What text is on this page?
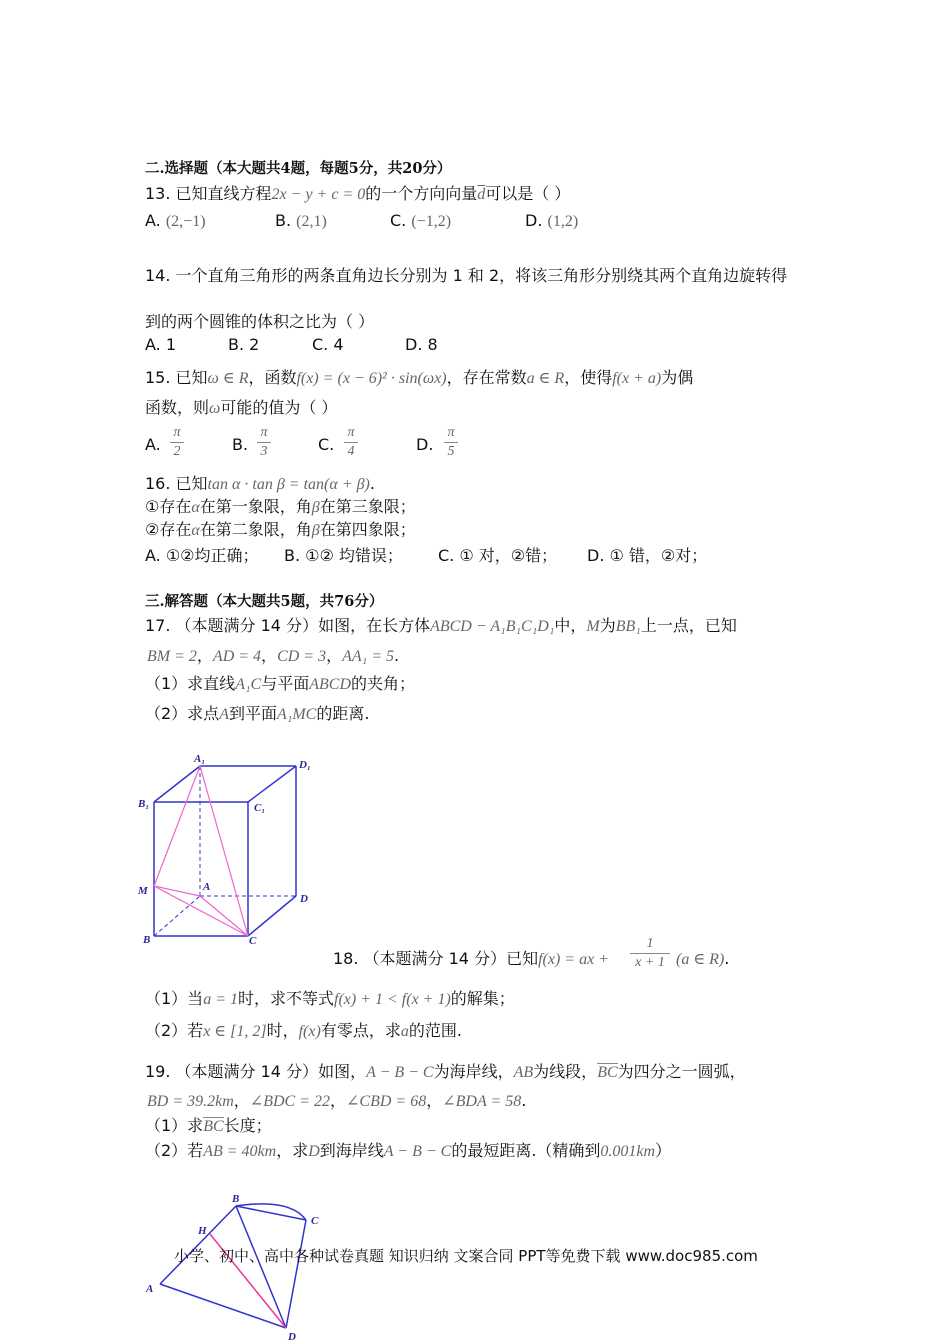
二.选择题（本大题共4题，每题5分，共20分）
13. 已知直线方程2x − y + c = 0的一个方向向量$\overline{d}$可以是（ ）
A. (2,−1)	B. (2,1)	C. (−1,2)	D. (1,2)
14. 一个直角三角形的两条直角边长分别为 1 和 2，将该三角形分别绕其两个直角边旋转得
到的两个圆锥的体积之比为（ ）
A. 1	B. 2	C. 4	D. 8
15. 已知ω ∈ R，函数f(x) = (x − 6)² · sin(ωx)，存在常数a ∈ R，使得f(x + a)为偶
函数，则ω可能的值为（ ）
A.
π
2	B.
π
3	C.
π
4	D.
π
5
16. 已知tan α · tan β = tan(α + β).
①存在α在第一象限，角β在第三象限；
②存在α在第二象限，角β在第四象限；
A. ①②均正确； B. ①② 均错误； C. ① 对，②错； D. ① 错，②对；
三.解答题（本大题共5题，共76分）
17. （本题满分 14 分）如图，在长方体ABCD − A₁B₁C₁D₁中，M为BB₁上一点，已知
BM = 2，AD = 4，CD = 3，AA₁ = 5.
（1）求直线A₁C与平面ABCD的夹角；
（2）求点A到平面A₁MC的距离.
A₁	D₁
B₁	C₁
M	A
D
B	C
18. （本题满分 14 分）已知f(x) = ax +
1
x + 1 (a ∈ R).
（1）当a = 1时，求不等式f(x) + 1 < f(x + 1)的解集；
（2）若x ∈ [1, 2]时，f(x)有零点，求a的范围.
19. （本题满分 14 分）如图，A − B − C为海岸线，AB为线段，BC为四分之一圆弧，
BD = 39.2km，∠BDC = 22，∠CBD = 68，∠BDA = 58.
（1）求BC长度；
（2）若AB = 40km，求D到海岸线A − B − C的最短距离.（精确到0.001km）
A
B
C
D
H
小学、初中、高中各种试卷真题 知识归纳 文案合同 PPT等免费下载 www.doc985.com
